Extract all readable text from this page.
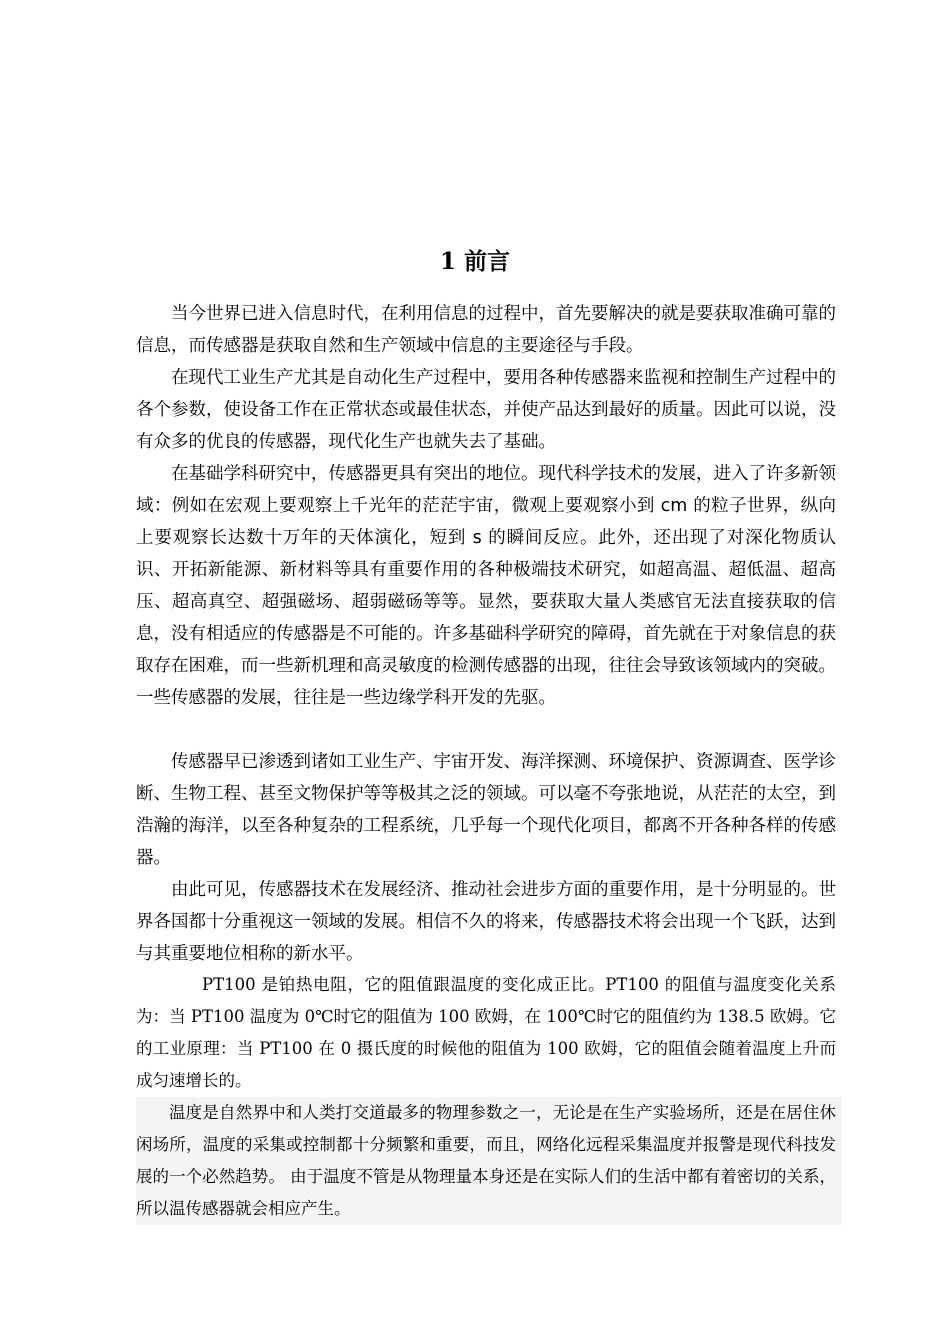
1 前言

当今世界已进入信息时代，在利用信息的过程中，首先要解决的就是要获取准确可靠的信息，而传感器是获取自然和生产领域中信息的主要途径与手段。

在现代工业生产尤其是自动化生产过程中，要用各种传感器来监视和控制生产过程中的各个参数，使设备工作在正常状态或最佳状态，并使产品达到最好的质量。因此可以说，没有众多的优良的传感器，现代化生产也就失去了基础。

在基础学科研究中，传感器更具有突出的地位。现代科学技术的发展，进入了许多新领域：例如在宏观上要观察上千光年的茫茫宇宙，微观上要观察小到 cm 的粒子世界，纵向上要观察长达数十万年的天体演化，短到 s 的瞬间反应。此外，还出现了对深化物质认识、开拓新能源、新材料等具有重要作用的各种极端技术研究，如超高温、超低温、超高压、超高真空、超强磁场、超弱磁砀等等。显然，要获取大量人类感官无法直接获取的信息，没有相适应的传感器是不可能的。许多基础科学研究的障碍，首先就在于对象信息的获取存在困难，而一些新机理和高灵敏度的检测传感器的出现，往往会导致该领域内的突破。一些传感器的发展，往往是一些边缘学科开发的先驱。

传感器早已渗透到诸如工业生产、宇宙开发、海洋探测、环境保护、资源调查、医学诊断、生物工程、甚至文物保护等等极其之泛的领域。可以毫不夸张地说，从茫茫的太空，到浩瀚的海洋，以至各种复杂的工程系统，几乎每一个现代化项目，都离不开各种各样的传感器。

由此可见，传感器技术在发展经济、推动社会进步方面的重要作用，是十分明显的。世界各国都十分重视这一领域的发展。相信不久的将来，传感器技术将会出现一个飞跃，达到与其重要地位相称的新水平。

PT100 是铂热电阻，它的阻值跟温度的变化成正比。PT100 的阻值与温度变化关系为：当 PT100 温度为 0℃时它的阻值为 100 欧姆，在 100℃时它的阻值约为 138.5 欧姆。它的工业原理：当 PT100 在 0 摄氏度的时候他的阻值为 100 欧姆，它的阻值会随着温度上升而成匀速增长的。

温度是自然界中和人类打交道最多的物理参数之一，无论是在生产实验场所，还是在居住休闲场所，温度的采集或控制都十分频繁和重要，而且，网络化远程采集温度并报警是现代科技发展的一个必然趋势。 由于温度不管是从物理量本身还是在实际人们的生活中都有着密切的关系，所以温传感器就会相应产生。
